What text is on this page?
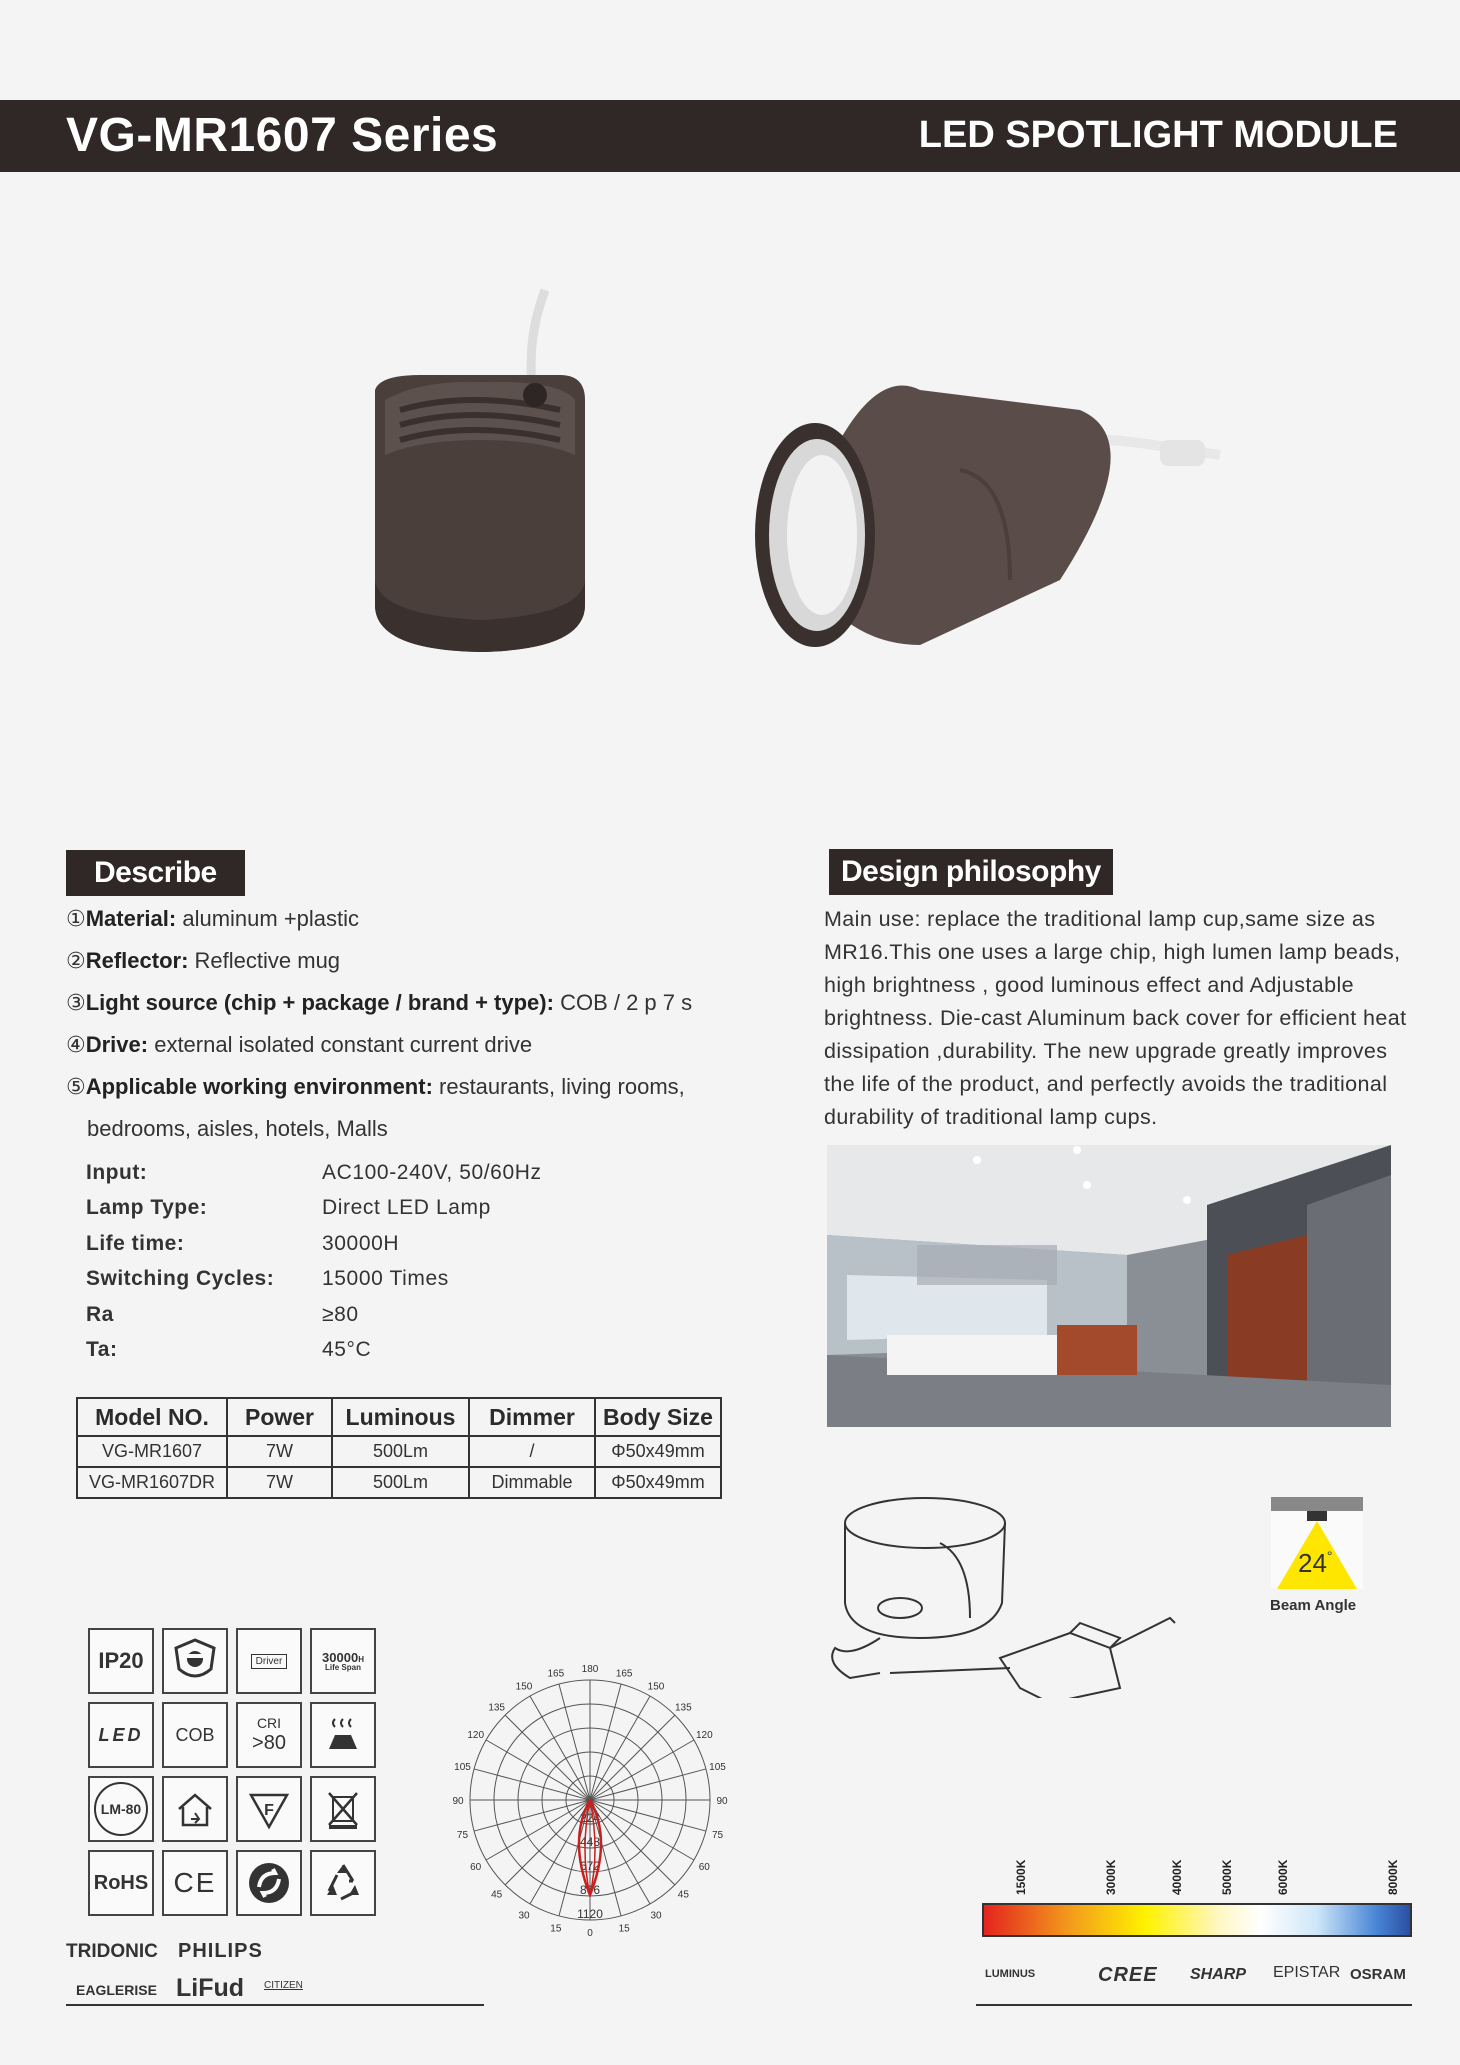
VG-MR1607 Series	LED SPOTLIGHT MODULE
Describe
①Material: aluminum +plastic
②Reflector: Reflective mug
③Light source (chip + package / brand + type): COB / 2 p 7 s
④Drive: external isolated constant current drive
⑤Applicable working environment: restaurants, living rooms,
bedrooms, aisles, hotels, Malls
Input:	AC100-240V, 50/60Hz
Lamp Type:	Direct LED Lamp
Life time:	30000H
Switching Cycles: 15000 Times
Ra	≥80
Ta:	45°C
Model NO.	Power	Luminous	Dimmer	Body Size
VG-MR1607	7W	500Lm	/	Φ50x49mm
VG-MR1607DR	7W	500Lm	Dimmable	Φ50x49mm
Design philosophy
Main use: replace the traditional lamp cup,same size as MR16.This one uses a large chip, high lumen lamp beads, high brightness , good luminous effect and Adjustable brightness. Die-cast Aluminum back cover for efficient heat dissipation ,durability. The new upgrade greatly improves the life of the product, and perfectly avoids the traditional durability of traditional lamp cups.
24°
Beam Angle
IP20	Driver	30000H
Life Span
LED	COB
CRI
>80
LM-80	F
RoHS CE
180 165
165
150
150
135
135
120
120
105
105
90
90
75
75
60
60
45
45
30
30
15
15	0
224
448
672
896
1120
1500K	3000K	4000K	5000K	6000K	8000K
TRIDONIC PHILIPS
EAGLERISE LiFud CITIZEN
LUMINUS	CREE SHARP EPISTAR OSRAM
